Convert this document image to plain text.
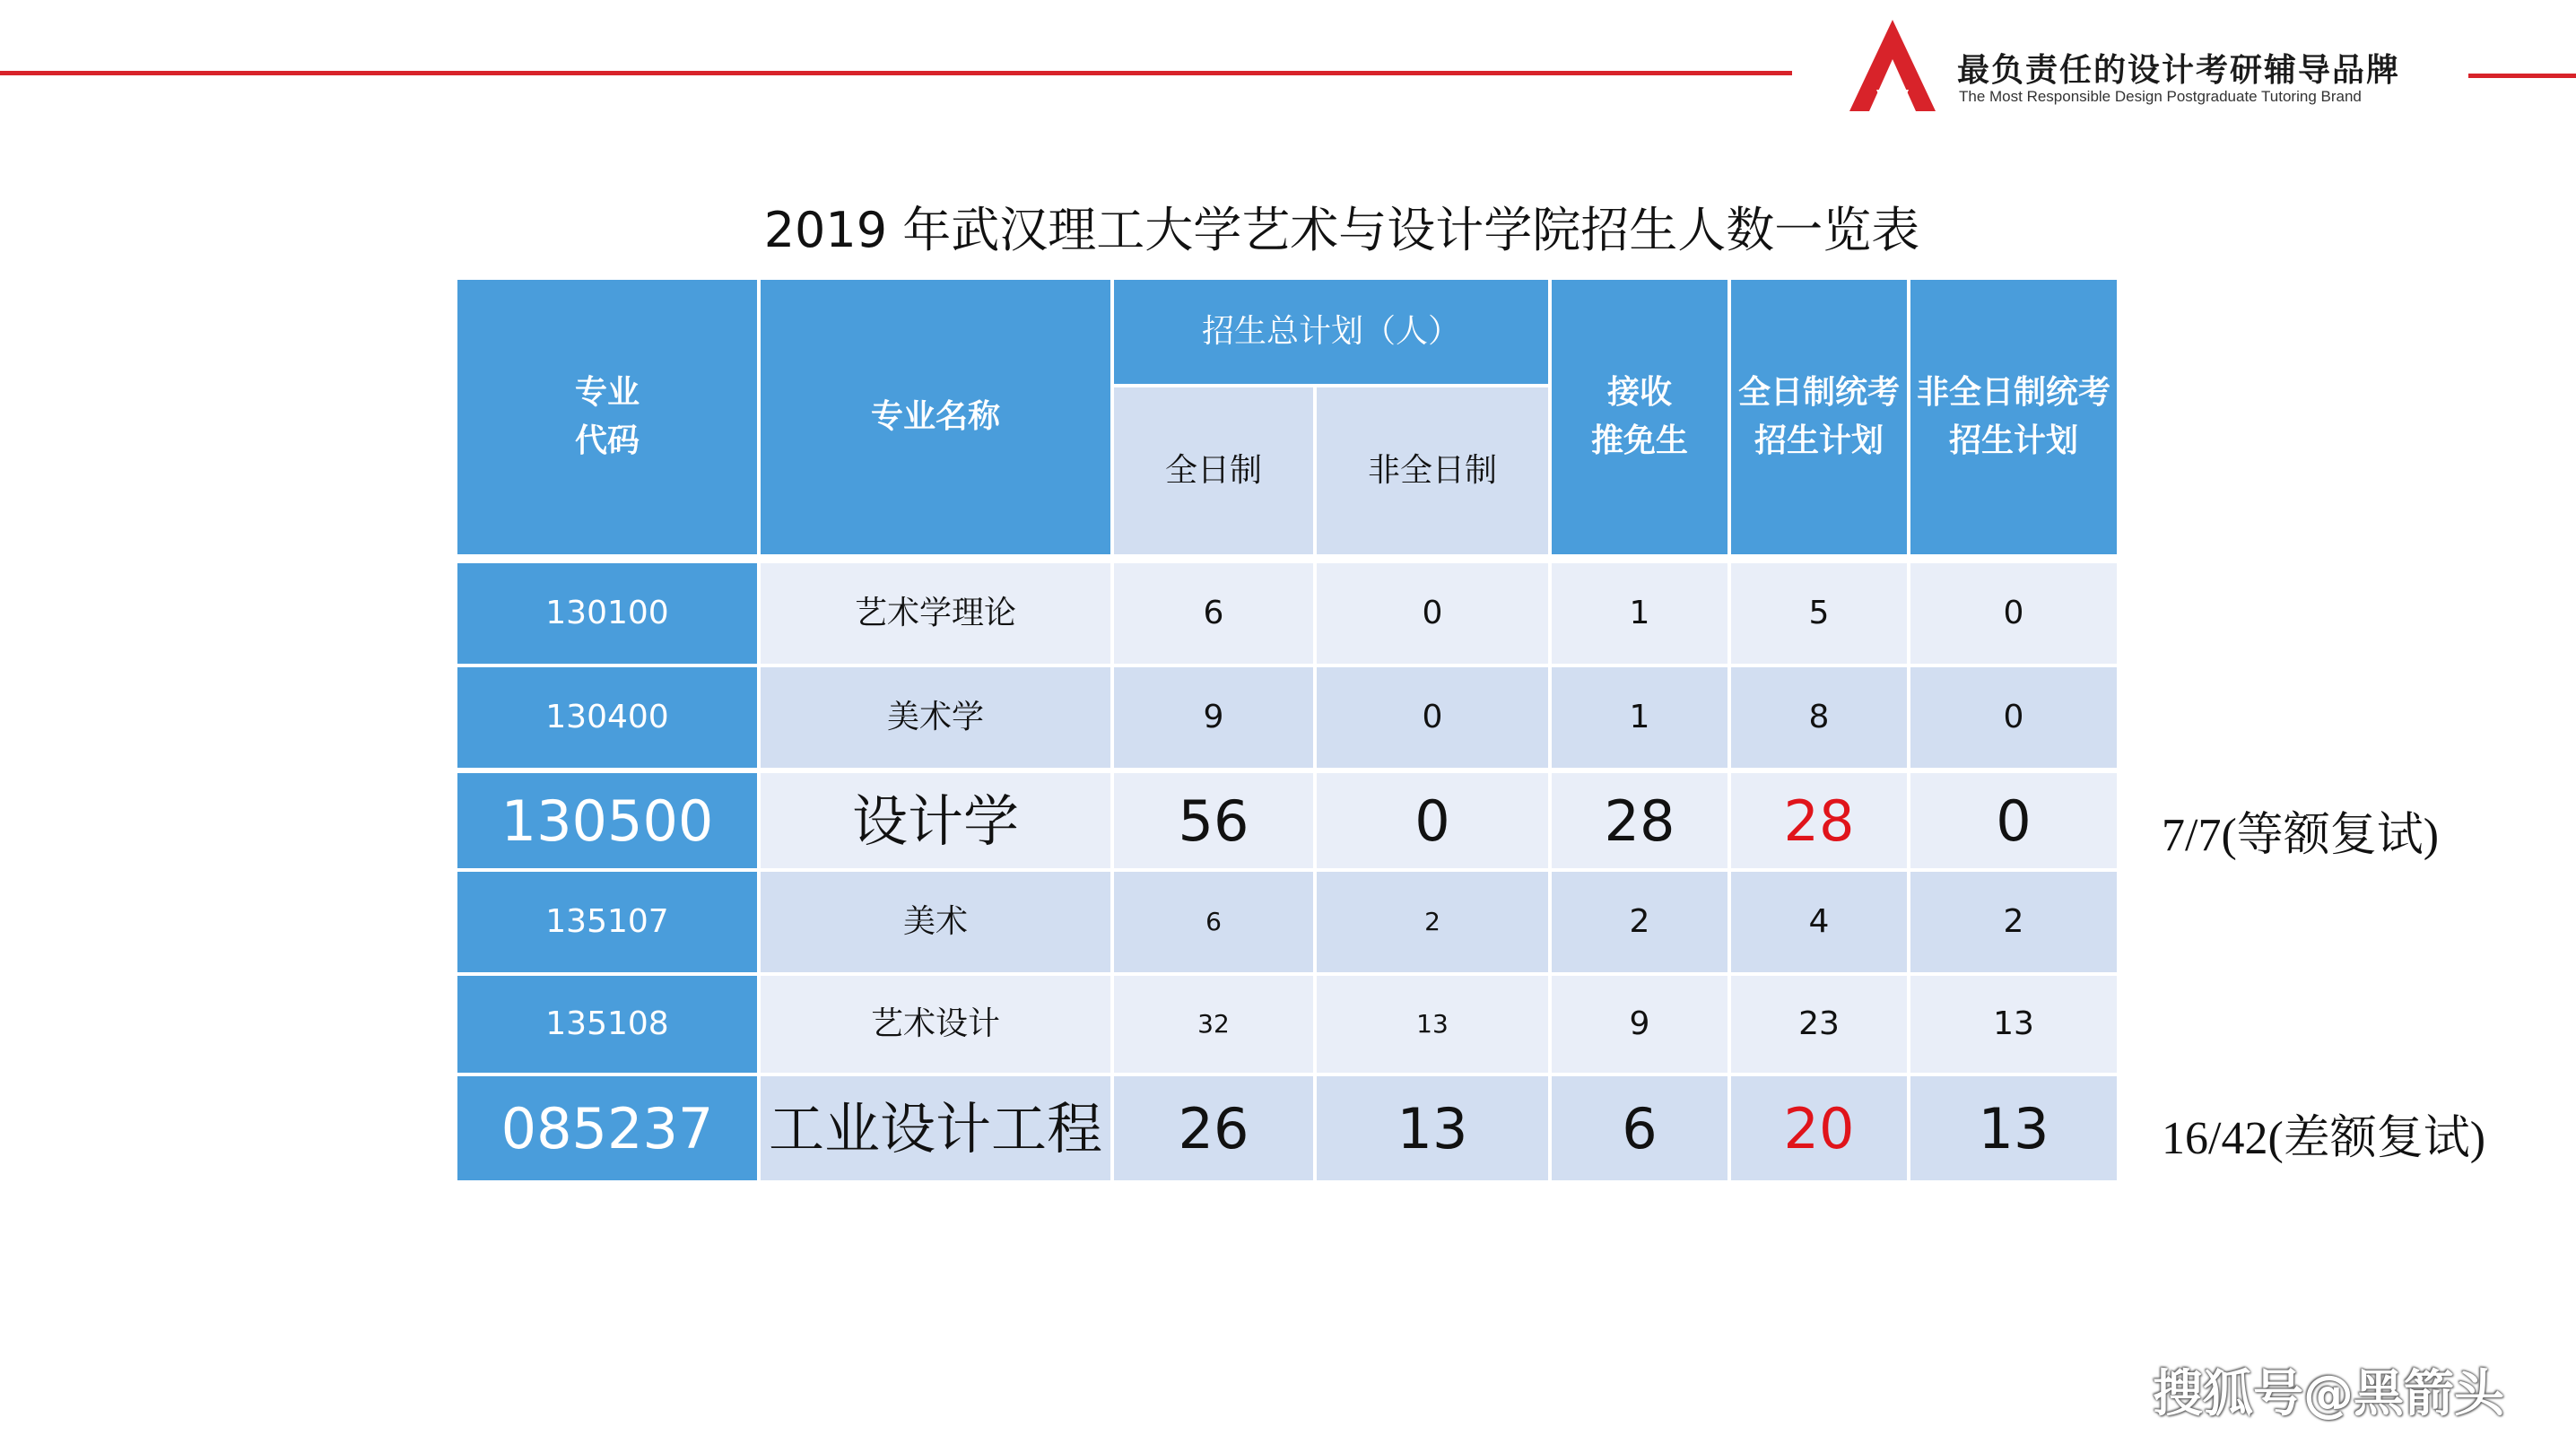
最负责任的设计考研辅导品牌
The Most Responsible Design Postgraduate Tutoring Brand
2019 年武汉理工大学艺术与设计学院招生人数一览表
专业
代码
专业名称
招生总计划（人）
全日制	非全日制
接收
推免生
全日制统考
招生计划
非全日制统考
招生计划
130100	艺术学理论	6	0	1	5	0
130400	美术学	9	0	1	8	0
130500	设计学	56	0	28	28	0
135107	美术	6	2	2	4	2
135108	艺术设计	32	13	9	23	13
085237 工业设计工程	26	13	6	20	13
7/7(等额复试)
16/42(差额复试)
搜狐号@黑箭头
